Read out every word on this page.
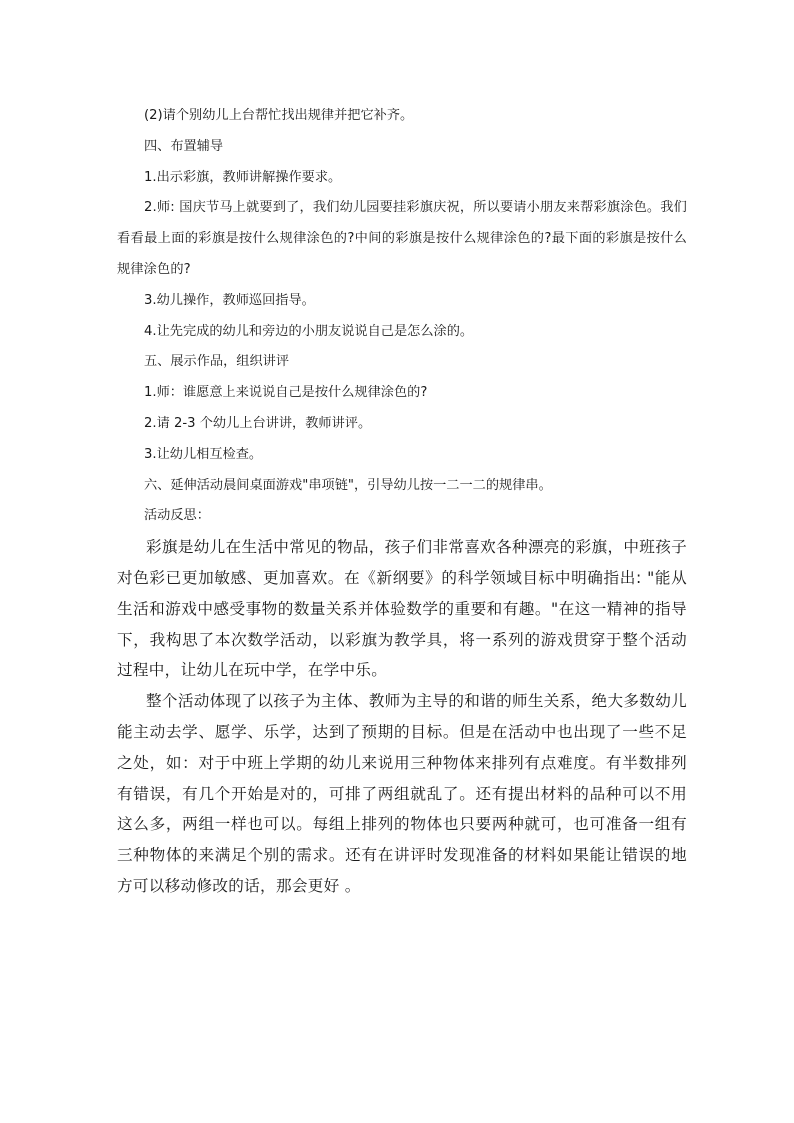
(2)请个别幼儿上台帮忙找出规律并把它补齐。

四、布置辅导

1.出示彩旗，教师讲解操作要求。

2.师: 国庆节马上就要到了，我们幼儿园要挂彩旗庆祝，所以要请小朋友来帮彩旗涂色。我们看看最上面的彩旗是按什么规律涂色的?中间的彩旗是按什么规律涂色的?最下面的彩旗是按什么规律涂色的?

3.幼儿操作，教师巡回指导。

4.让先完成的幼儿和旁边的小朋友说说自己是怎么涂的。

五、展示作品，组织讲评

1.师：谁愿意上来说说自己是按什么规律涂色的?

2.请 2-3 个幼儿上台讲讲，教师讲评。

3.让幼儿相互检查。

六、延伸活动晨间桌面游戏"串项链"，引导幼儿按一二一二的规律串。

活动反思：

彩旗是幼儿在生活中常见的物品，孩子们非常喜欢各种漂亮的彩旗，中班孩子对色彩已更加敏感、更加喜欢。在《新纲要》的科学领域目标中明确指出: "能从生活和游戏中感受事物的数量关系并体验数学的重要和有趣。"在这一精神的指导下，我构思了本次数学活动，以彩旗为教学具，将一系列的游戏贯穿于整个活动过程中，让幼儿在玩中学，在学中乐。

整个活动体现了以孩子为主体、教师为主导的和谐的师生关系，绝大多数幼儿能主动去学、愿学、乐学，达到了预期的目标。但是在活动中也出现了一些不足之处，如：对于中班上学期的幼儿来说用三种物体来排列有点难度。有半数排列有错误，有几个开始是对的，可排了两组就乱了。还有提出材料的品种可以不用这么多，两组一样也可以。每组上排列的物体也只要两种就可，也可准备一组有三种物体的来满足个别的需求。还有在讲评时发现准备的材料如果能让错误的地方可以移动修改的话，那会更好 。
